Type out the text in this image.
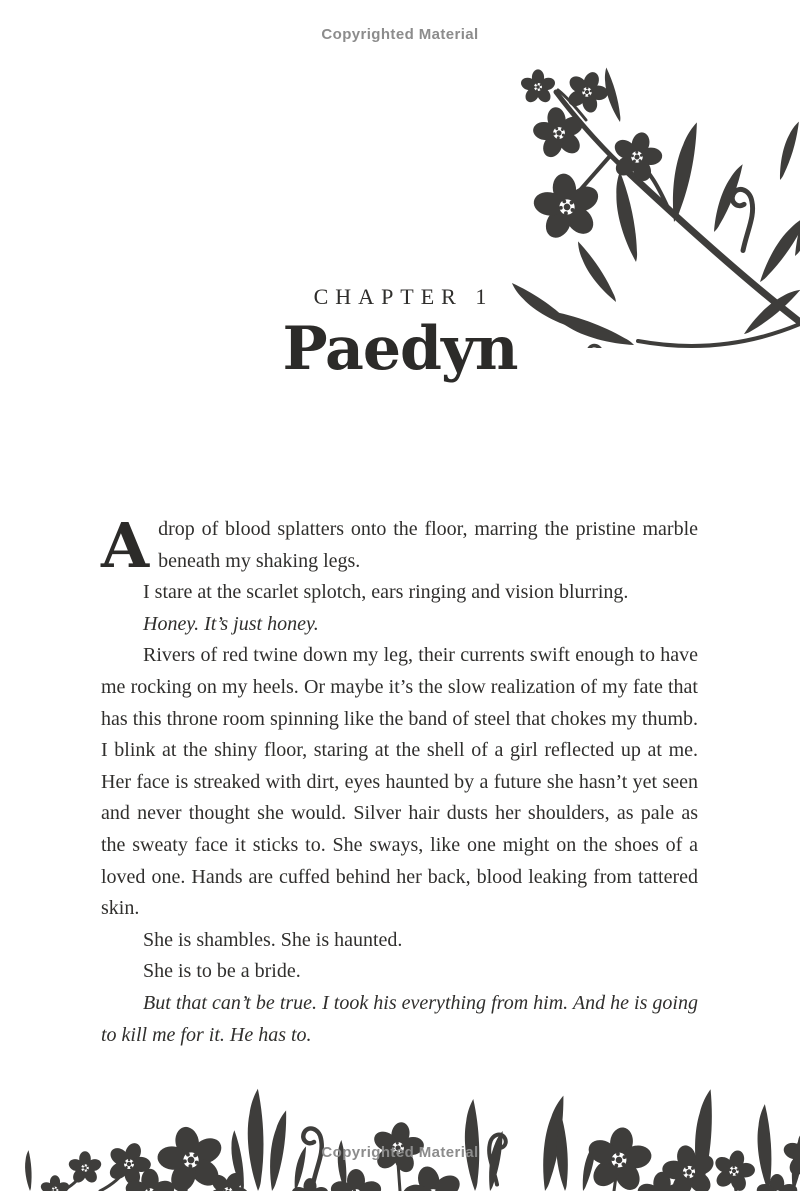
Copyrighted Material
CHAPTER 1
Paedyn

Adrop of blood splatters onto the floor, marring the pristine marble beneath my shaking legs.

I stare at the scarlet splotch, ears ringing and vision blurring.

Honey. It’s just honey.

Rivers of red twine down my leg, their currents swift enough to have me rocking on my heels. Or maybe it’s the slow realization of my fate that has this throne room spinning like the band of steel that chokes my thumb. I blink at the shiny floor, staring at the shell of a girl reflected up at me. Her face is streaked with dirt, eyes haunted by a future she hasn’t yet seen and never thought she would. Silver hair dusts her shoulders, as pale as the sweaty face it sticks to. She sways, like one might on the shoes of a loved one. Hands are cuffed behind her back, blood leaking from tattered skin.

She is shambles. She is haunted.

She is to be a bride.

But that can’t be true. I took his everything from him. And he is going to kill me for it. He has to.

Copyrighted Material
